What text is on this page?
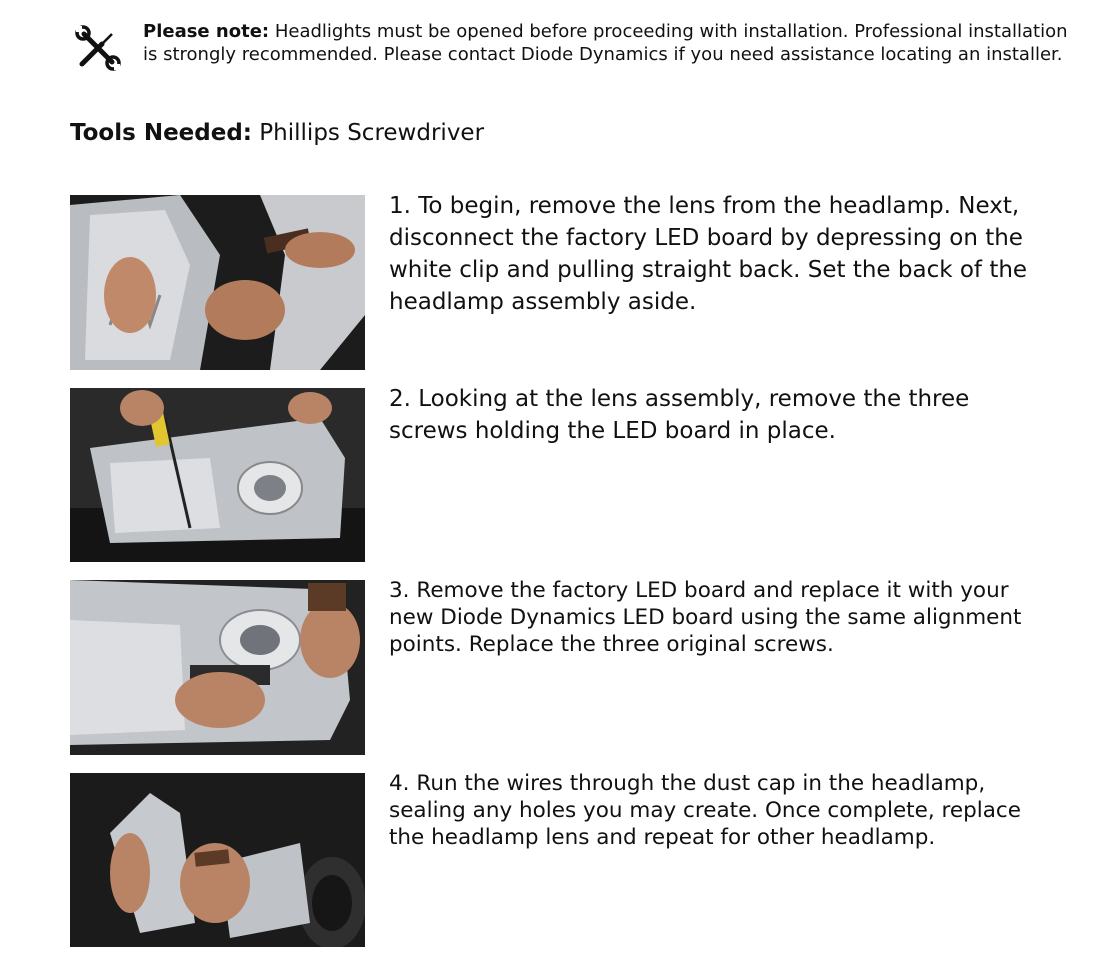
Please note: Headlights must be opened before proceeding with installation. Professional installation is strongly recommended. Please contact Diode Dynamics if you need assistance locating an installer.
Tools Needed: Phillips Screwdriver
1. To begin, remove the lens from the headlamp. Next, disconnect the factory LED board by depressing on the white clip and pulling straight back. Set the back of the headlamp assembly aside.
2. Looking at the lens assembly, remove the three screws holding the LED board in place.
3. Remove the factory LED board and replace it with your new Diode Dynamics LED board using the same alignment points. Replace the three original screws.
4. Run the wires through the dust cap in the headlamp, sealing any holes you may create. Once complete, replace the headlamp lens and repeat for other headlamp.
